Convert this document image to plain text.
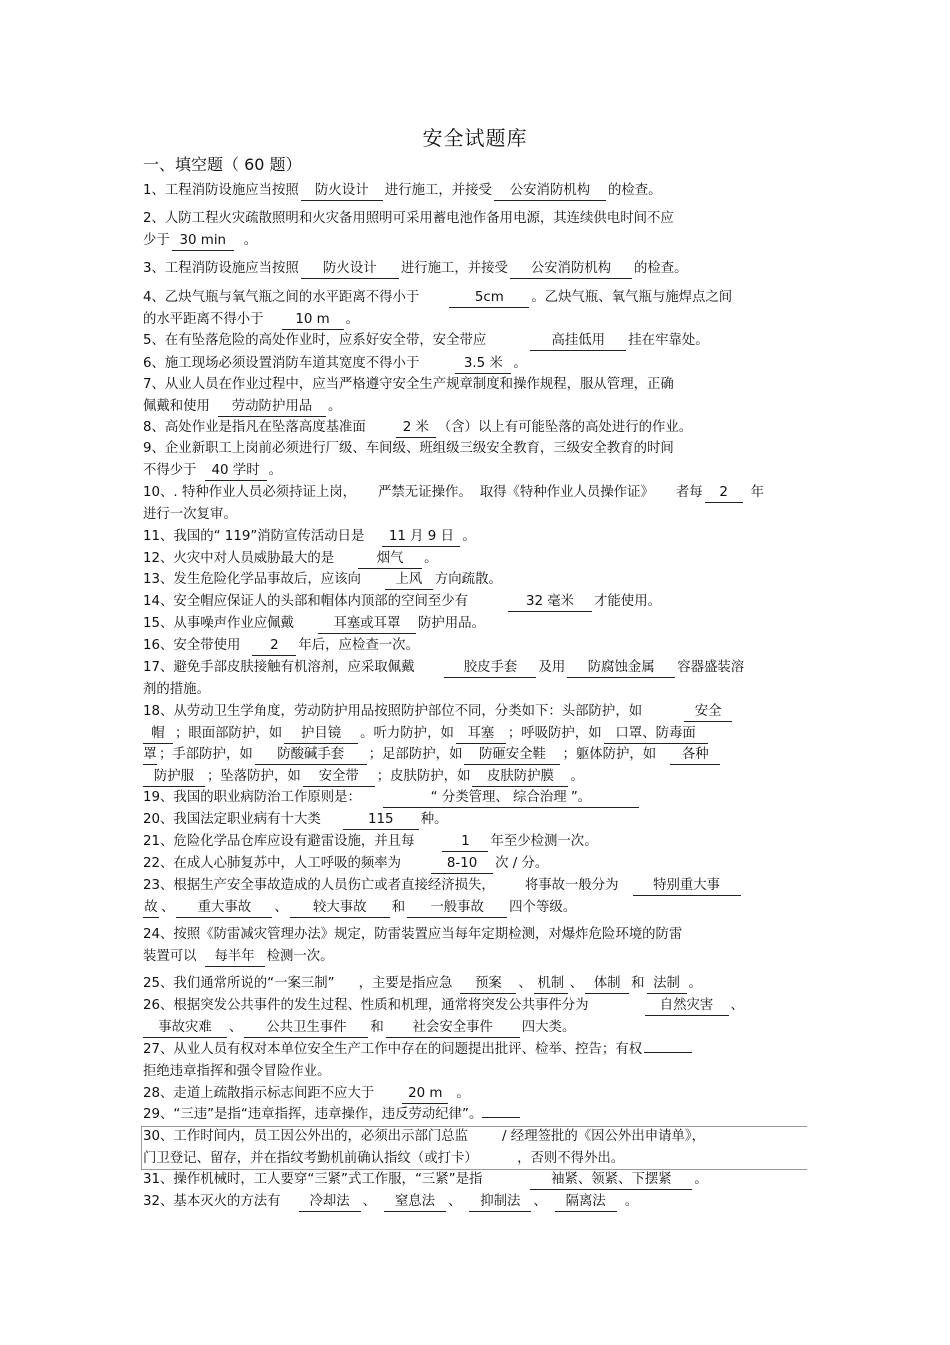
安全试题库
一、填空题（ 60 题）
1、工程消防设施应当按照 防火设计 进行施工，并接受 公安消防机构 的检查。
2、人防工程火灾疏散照明和火灾备用照明可采用蓄电池作备用电源，其连续供电时间不应
少于 30 min 。
3、工程消防设施应当按照 防火设计 进行施工，并接受 公安消防机构 的检查。
4、乙炔气瓶与氧气瓶之间的水平距离不得小于	5cm 。乙炔气瓶、氧气瓶与施焊点之间
的水平距离不得小于 10 m 。
5、在有坠落危险的高处作业时，应系好安全带，安全带应	高挂低用 挂在牢靠处。
6、施工现场必须设置消防车道其宽度不得小于	3.5 米 。
7、从业人员在作业过程中，应当严格遵守安全生产规章制度和操作规程，服从管理，正确
佩戴和使用 劳动防护用品 。
8、高处作业是指凡在坠落高度基准面	2 米 （含）以上有可能坠落的高处进行的作业。
9、企业新职工上岗前必须进行厂级、车间级、班组级三级安全教育，三级安全教育的时间
不得少于 40 学时 。
10、. 特种作业人员必须持证上岗， 严禁无证操作。 取得《特种作业人员操作证》 者每 2 年
进行一次复审。
11、我国的“ 119”消防宣传活动日是 11 月 9 日 。
12、火灾中对人员威胁最大的是	烟气 。
13、发生危险化学品事故后，应该向	上风 方向疏散。
14、安全帽应保证人的头部和帽体内顶部的空间至少有	32 毫米 才能使用。
15、从事噪声作业应佩戴	耳塞或耳罩 防护用品。
16、安全带使用 2 年后，应检查一次。
17、避免手部皮肤接触有机溶剂，应采取佩戴	胶皮手套 及用 防腐蚀金属 容器盛装溶
剂的措施。
18、从劳动卫生学角度，劳动防护用品按照防护部位不同，分类如下：头部防护，如	安全
帽 ；眼面部防护，如 护目镜 。听力防护，如 耳塞 ；呼吸防护，如 口罩、防毒面
罩 ；手部防护，如 防酸碱手套 ；足部防护，如 防砸安全鞋 ；躯体防护，如 各种
防护服 ；坠落防护，如 安全带 ；皮肤防护，如 皮肤防护膜 。
19、我国的职业病防治工作原则是：	“ 分类管理、 综合治理 ”。
20、我国法定职业病有十大类	115 种。
21、危险化学品仓库应设有避雷设施，并且每	1 年至少检测一次。
22、在成人心肺复苏中，人工呼吸的频率为	8-10 次 / 分。
23、根据生产安全事故造成的人员伤亡或者直接经济损失， 将事故一般分为	特别重大事
故 、 重大事故 、 较大事故 和 一般事故 四个等级。
24、按照《防雷减灾管理办法》规定，防雷装置应当每年定期检测，对爆炸危险环境的防雷
装置可以 每半年 检测一次。
25、我们通常所说的“一案三制” ，主要是指应急 预案 、 机制 、 体制 和 法制 。
26、根据突发公共事件的发生过程、性质和机理，通常将突发公共事件分为	自然灾害 、
事故灾难 、 公共卫生事件 和 社会安全事件 四大类。
27、从业人员有权对本单位安全生产工作中存在的问题提出批评、检举、控告；有权
拒绝违章指挥和强令冒险作业。
28、走道上疏散指示标志间距不应大于	20 m 。
29、“三违”是指“违章指挥，违章操作，违反劳动纪律”。
30、工作时间内，员工因公外出的，必须出示部门总监	/ 经理签批的《因公外出申请单》，
门卫登记、留存，并在指纹考勤机前确认指纹（或打卡）	，否则不得外出。
31、操作机械时，工人要穿“三紧”式工作服，“三紧”是指	袖紧、领紧、下摆紧 。
32、基本灭火的方法有 冷却法 、 窒息法 、 抑制法 、 隔离法 。
